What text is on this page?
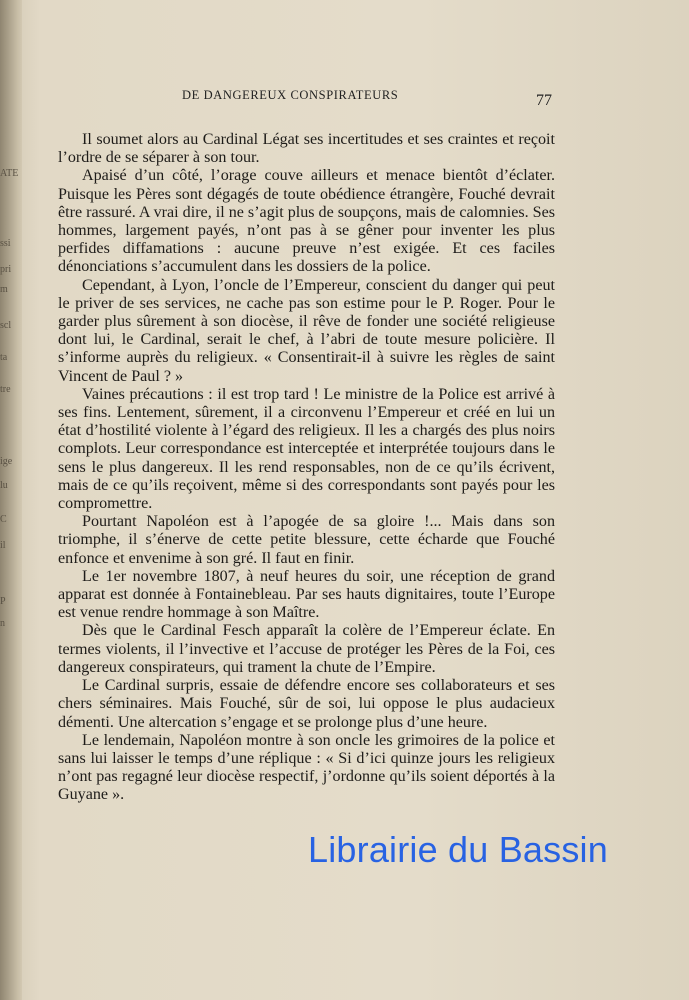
ATE
ssi
pri
m
scl
ta
tre
ige
lu
C
il
P
n
DE DANGEREUX CONSPIRATEURS	77

Il soumet alors au Cardinal Légat ses incertitudes et ses craintes et reçoit l’ordre de se séparer à son tour.

Apaisé d’un côté, l’orage couve ailleurs et menace bientôt d’éclater. Puisque les Pères sont dégagés de toute obédience étrangère, Fouché devrait être rassuré. A vrai dire, il ne s’agit plus de soupçons, mais de calomnies. Ses hommes, largement payés, n’ont pas à se gêner pour inventer les plus perfides diffamations : aucune preuve n’est exigée. Et ces faciles dénonciations s’accumulent dans les dossiers de la police.

Cependant, à Lyon, l’oncle de l’Empereur, conscient du danger qui peut le priver de ses services, ne cache pas son estime pour le P. Roger. Pour le garder plus sûrement à son diocèse, il rêve de fonder une société religieuse dont lui, le Cardinal, serait le chef, à l’abri de toute mesure policière. Il s’informe auprès du religieux. « Consentirait-il à suivre les règles de saint Vincent de Paul ? »

Vaines précautions : il est trop tard ! Le ministre de la Police est arrivé à ses fins. Lentement, sûrement, il a circonvenu l’Empereur et créé en lui un état d’hostilité violente à l’égard des religieux. Il les a chargés des plus noirs complots. Leur correspondance est interceptée et interprétée toujours dans le sens le plus dangereux. Il les rend responsables, non de ce qu’ils écrivent, mais de ce qu’ils reçoivent, même si des correspondants sont payés pour les compromettre.

Pourtant Napoléon est à l’apogée de sa gloire !... Mais dans son triomphe, il s’énerve de cette petite blessure, cette écharde que Fouché enfonce et envenime à son gré. Il faut en finir.

Le 1er novembre 1807, à neuf heures du soir, une réception de grand apparat est donnée à Fontainebleau. Par ses hauts dignitaires, toute l’Europe est venue rendre hommage à son Maître.

Dès que le Cardinal Fesch apparaît la colère de l’Empereur éclate. En termes violents, il l’invective et l’accuse de protéger les Pères de la Foi, ces dangereux conspirateurs, qui trament la chute de l’Empire.

Le Cardinal surpris, essaie de défendre encore ses collaborateurs et ses chers séminaires. Mais Fouché, sûr de soi, lui oppose le plus audacieux démenti. Une altercation s’engage et se prolonge plus d’une heure.

Le lendemain, Napoléon montre à son oncle les grimoires de la police et sans lui laisser le temps d’une réplique : « Si d’ici quinze jours les religieux n’ont pas regagné leur diocèse respectif, j’ordonne qu’ils soient déportés à la Guyane ».

Librairie du Bassin
